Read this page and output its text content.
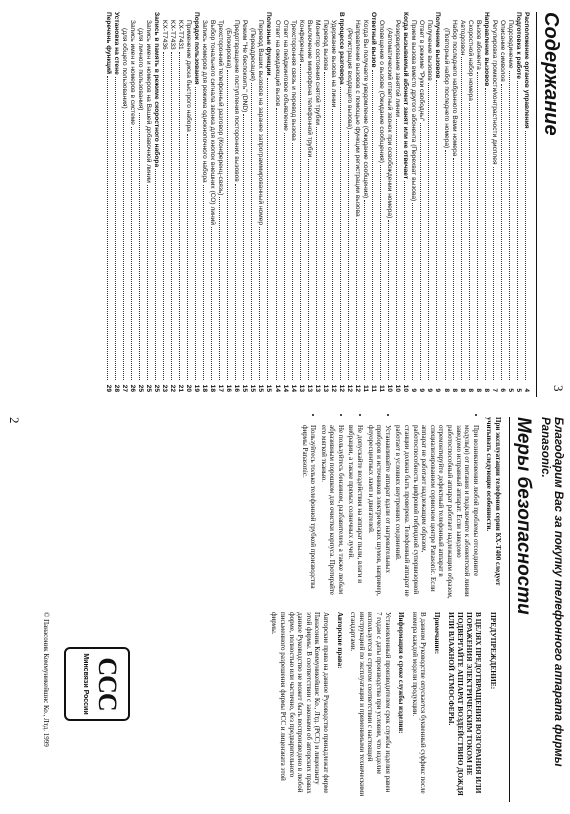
Содержание
Расположение органов управления
4
Подготовка к работе
5
Подсоединение
5
Описание символов
6
Регулировка громкости/контрастности дисплея
7
Направление вызовов
8
Вызов абонента
8
Скоростной набор номера
8
Автодозвон
8
Набор последнего набранного Вами номера
8
(Повторный набор последнего номера)
8
Получение вызовов
9
Получение вызовов
9
Ответ в режиме "Руки свободны"
9
Прием вызова вместо другого абонента (Перехват вызова)
9
Когда вызываемый абонент занят или не отвечает
10
Резервирование занятой линии
10
(Автоматический ответный звонок при освобождении номера)
10
Оповещение о вызове (Ожидание сообщения)
11
Ответный вызов
11
Когда Вы получаете уведомление (Ожидание сообщения)
11
Направление вызовов с помощью функции регистрации вызова
12
(Регистрация входящего вызова)
12
В процессе разговора
12
Удержание вызова на линии
12
Перевод вызова
13
Монитор состояния снятой трубки
13
Выключение микрофона телефонной трубки
13
Конференция
13
Трехсторонняя связь и перевод вызова
14
Ответ на пейджинговое объявление
14
Ответ на ожидающий вызов
14
Полезные функции
15
Перевод Ваших вызовов на заранее запрограммированный номер
15
(Переадресация)
15
Режим "Не беспокоить" (DND)
15
Предотвращение поступления посторонних вызовов
16
(Блокировка)
16
Трехсторонний телефонный разговор (Конференц-связь)
17
Выбор тонального сигнала звонка для кнопок внешних (СО) линий
18
Запись номеров для режима однокнопочного набора
18
Порядок пользования
19
Применение диска быстрого набора
20
KX-T7431
21
KX-T7433
22
KX-T7436
23
Запись в память в режиме скоростного набора
25
Запись имен и номеров на Вашей добавочной линии
25
(для личного пользования)
25
Запись имен и номеров в системе
26
(для общего пользования)
27
Установка на стене
28
Перечень функций
29	3
Благодарим Вас за покупку телефонного аппарата фирмы Panasonic.
Меры безопасности

При эксплуатации телефонов серии КХ-Т400 следует учитывать следующие особенности.

• При возникновении любой проблемы отсоедините модуль(и) от питания и подключите к абонентской линии заведомо исправный аппарат. Если заведомо работоспособный аппарат работает надлежащим образом, отремонтируйте дефектный телефонный аппарат в специализированном сервисном центре Panasonic. Если аппарат не работает надлежащим образом, работоспособность цифровой гибридной супервизорной станции должна быть проверена. Телефонный аппарат не работает в условиях внутренних соединений.
• Устанавливайте аппарат вдали от нагревательных приборов и источников электрических шумов, например, флуоресцентных ламп и двигателей.
• Не допускайте воздействия на аппарат пыли, влаги и вибрации, а также прямых солнечных лучей.
• Не пользуйтесь бензином, разбавителем, а также любым абразивным порошком для очистки корпуса. Протирайте его мягкой тканью.
• Пользуйтесь только телефонной трубкой производства фирмы Panasonic.
ПРЕДУПРЕЖДЕНИЕ:
В ЦЕЛЯХ ПРЕДОТВРАЩЕНИЯ ВОЗГОРАНИЯ ИЛИ ПОРАЖЕНИЯ ЭЛЕКТРИЧЕСКИМ ТОКОМ НЕ ПОДВЕРГАЙТЕ АППАРАТ ВОЗДЕЙСТВИЮ ДОЖДЯ ИЛИ ВЛАЖНОЙ АТМОСФЕРЫ.

Примечание:

В данном Руководстве опускается буквенный суффикс после номера каждой модели продукции.

Информация о сроке службы изделия:

Установленный производителем срок службы изделия равен 7 годам с даты производства при условии, что изделие используется в строгом соответствии с настоящей инструкцией по эксплуатации и применимыми техническими стандартами.

Авторские права:

Авторские права на данное Руководство принадлежат фирме Панасоник Коммуникейшнс Ко., Лтд. (PCC) и лицензиату этой фирмы. В соответствии с законами об авторских правах данное Руководство не может быть воспроизведено в любой форме, полностью или частично, без предварительного письменного разрешения фирмы PCC и лицензиата этой фирмы.

CCC
Минсвязи России
© Панасоник Коммуникейшнс Ко., Лтд. 1999
2
